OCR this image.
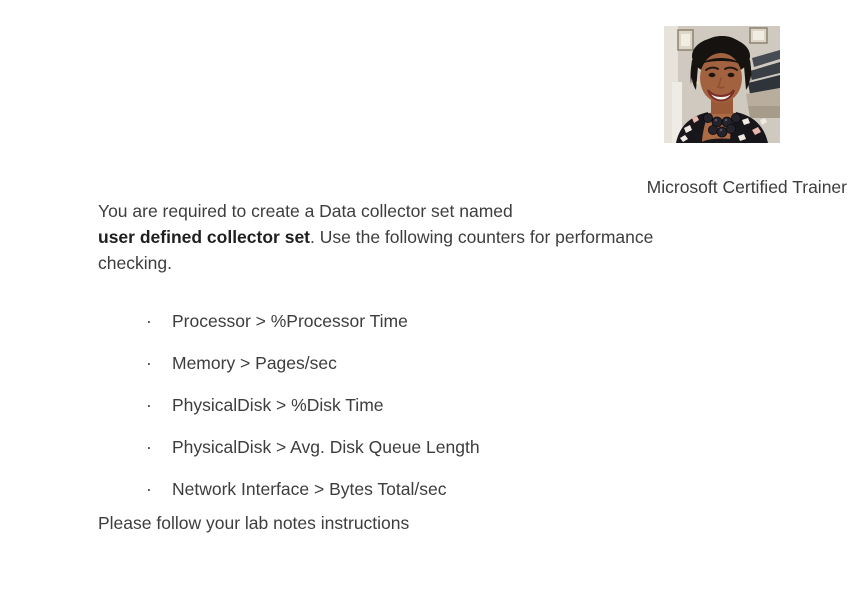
Microsoft Certified Trainer
You are required to create a Data collector set named
user defined collector set. Use the following counters for performance
checking.
·	Processor > %Processor Time
·	Memory > Pages/sec
·	PhysicalDisk > %Disk Time
·	PhysicalDisk > Avg. Disk Queue Length
·	Network Interface > Bytes Total/sec
Please follow your lab notes instructions
